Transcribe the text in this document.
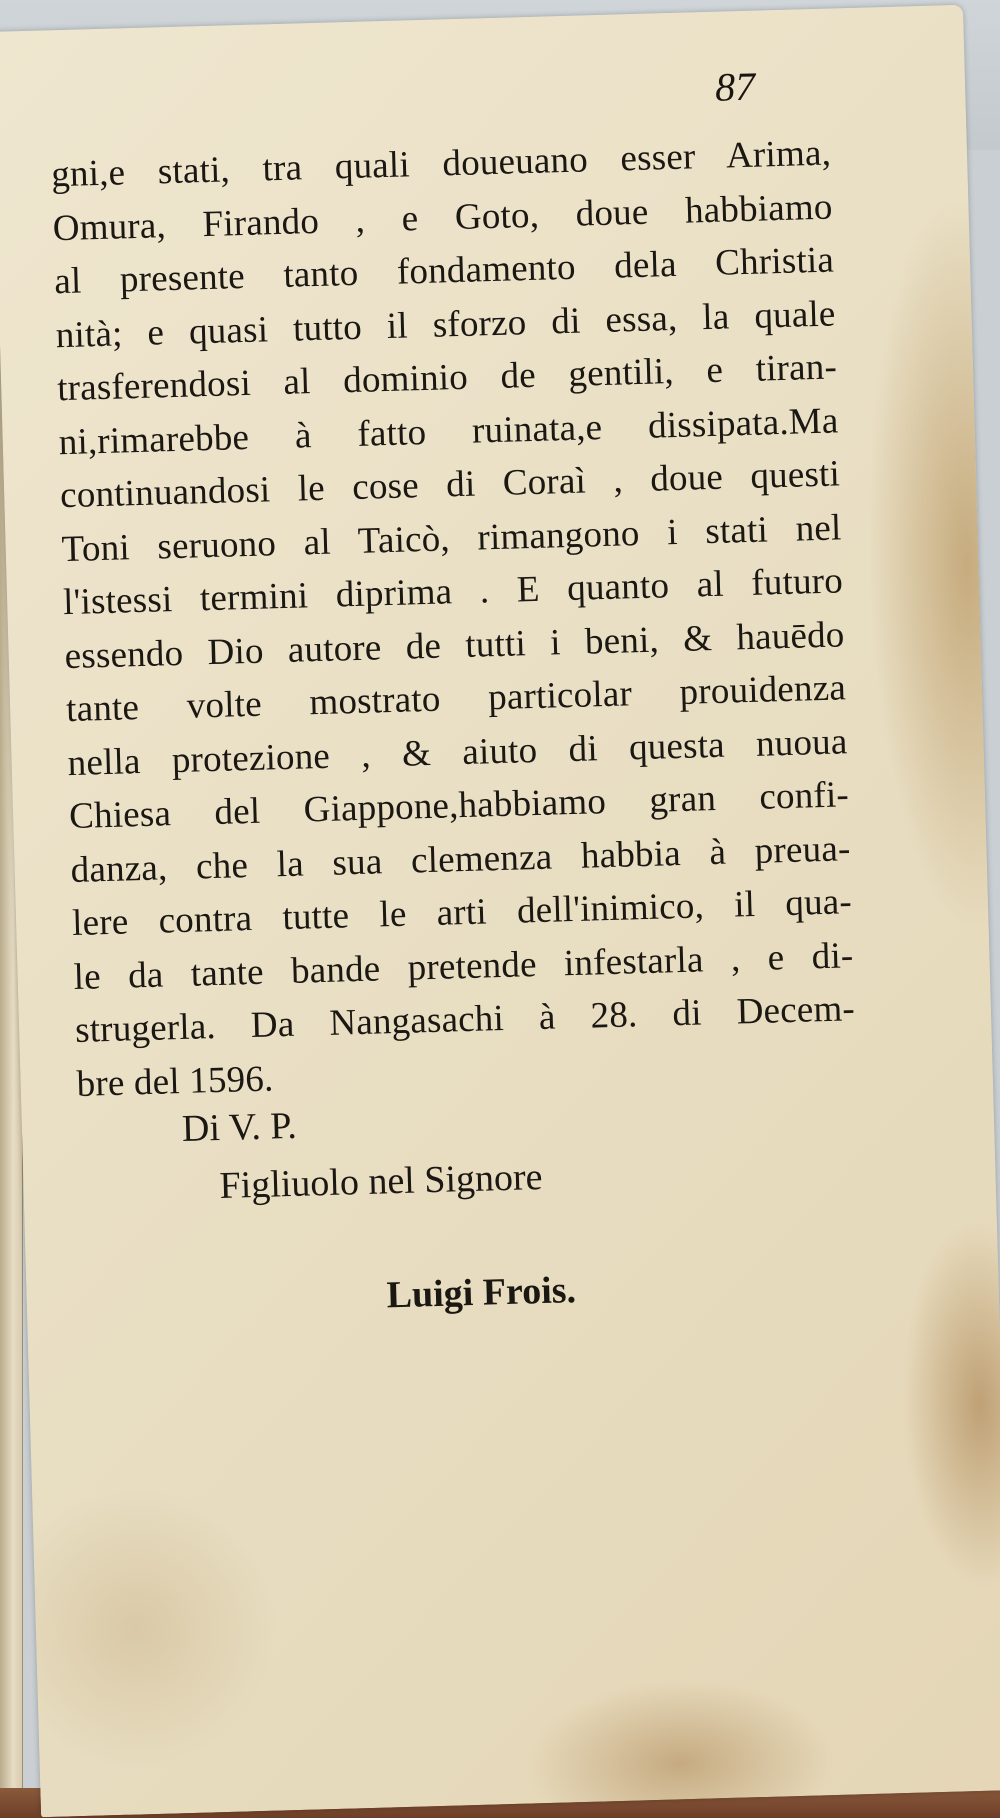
87
gni,e stati, tra quali doueuano esser Arima,
Omura, Firando , e Goto, doue habbiamo
al presente tanto fondamento dela Christia
nità; e quasi tutto il sforzo di essa, la quale
trasferendosi al dominio de gentili, e tiran-
ni,rimarebbe à fatto ruinata,e dissipata.Ma
continuandosi le cose di Coraì , doue questi
Toni seruono al Taicò, rimangono i stati nel
l'istessi termini diprima . E quanto al futuro
essendo Dio autore de tutti i beni, & hauēdo
tante volte mostrato particolar prouidenza
nella protezione , & aiuto di questa nuoua
Chiesa del Giappone,habbiamo gran confi-
danza, che la sua clemenza habbia à preua-
lere contra tutte le arti dell'inimico, il qua-
le da tante bande pretende infestarla , e di-
strugerla. Da Nangasachi à 28. di Decem-
bre del 1596.
Di V. P.
Figliuolo nel Signore
Luigi Frois.
